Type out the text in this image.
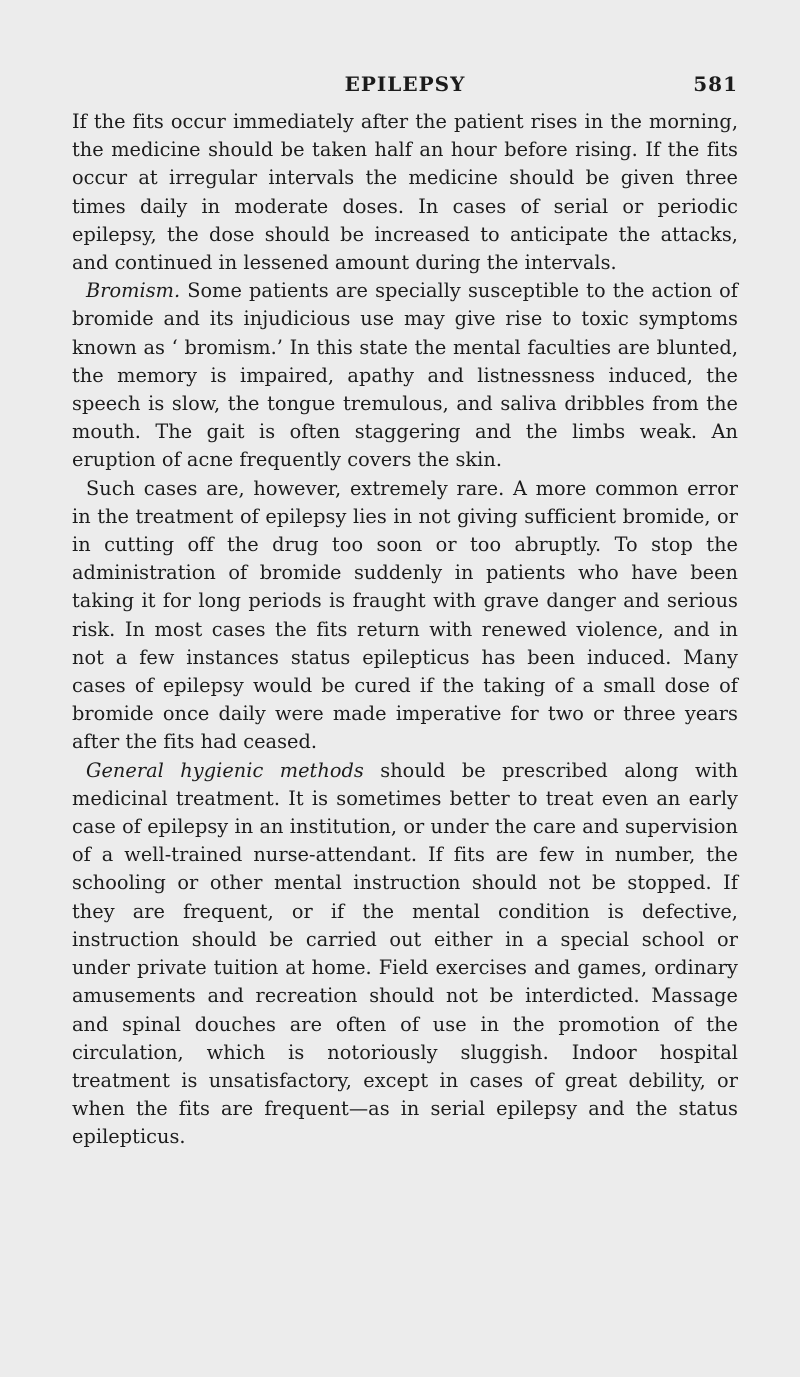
EPILEPSY	581

If the fits occur immediately after the patient rises in the morning, the medicine should be taken half an hour before rising. If the fits occur at irregular intervals the medicine should be given three times daily in moderate doses. In cases of serial or periodic epilepsy, the dose should be increased to anticipate the attacks, and continued in lessened amount during the intervals.

Bromism. Some patients are specially susceptible to the action of bromide and its injudicious use may give rise to toxic symptoms known as ‘ bromism.’ In this state the mental faculties are blunted, the memory is impaired, apathy and listnessness induced, the speech is slow, the tongue tremulous, and saliva dribbles from the mouth. The gait is often staggering and the limbs weak. An eruption of acne frequently covers the skin.

Such cases are, however, extremely rare. A more common error in the treatment of epilepsy lies in not giving sufficient bromide, or in cutting off the drug too soon or too abruptly. To stop the administration of bromide suddenly in patients who have been taking it for long periods is fraught with grave danger and serious risk. In most cases the fits return with renewed violence, and in not a few instances status epilepticus has been induced. Many cases of epilepsy would be cured if the taking of a small dose of bromide once daily were made imperative for two or three years after the fits had ceased.

General hygienic methods should be prescribed along with medicinal treatment. It is sometimes better to treat even an early case of epilepsy in an institution, or under the care and supervision of a well-trained nurse-attendant. If fits are few in number, the schooling or other mental instruction should not be stopped. If they are frequent, or if the mental condition is defective, instruction should be carried out either in a special school or under private tuition at home. Field exercises and games, ordinary amusements and recreation should not be interdicted. Massage and spinal douches are often of use in the promotion of the circulation, which is notoriously sluggish. Indoor hospital treatment is unsatisfactory, except in cases of great debility, or when the fits are frequent—as in serial epilepsy and the status epilepticus.
